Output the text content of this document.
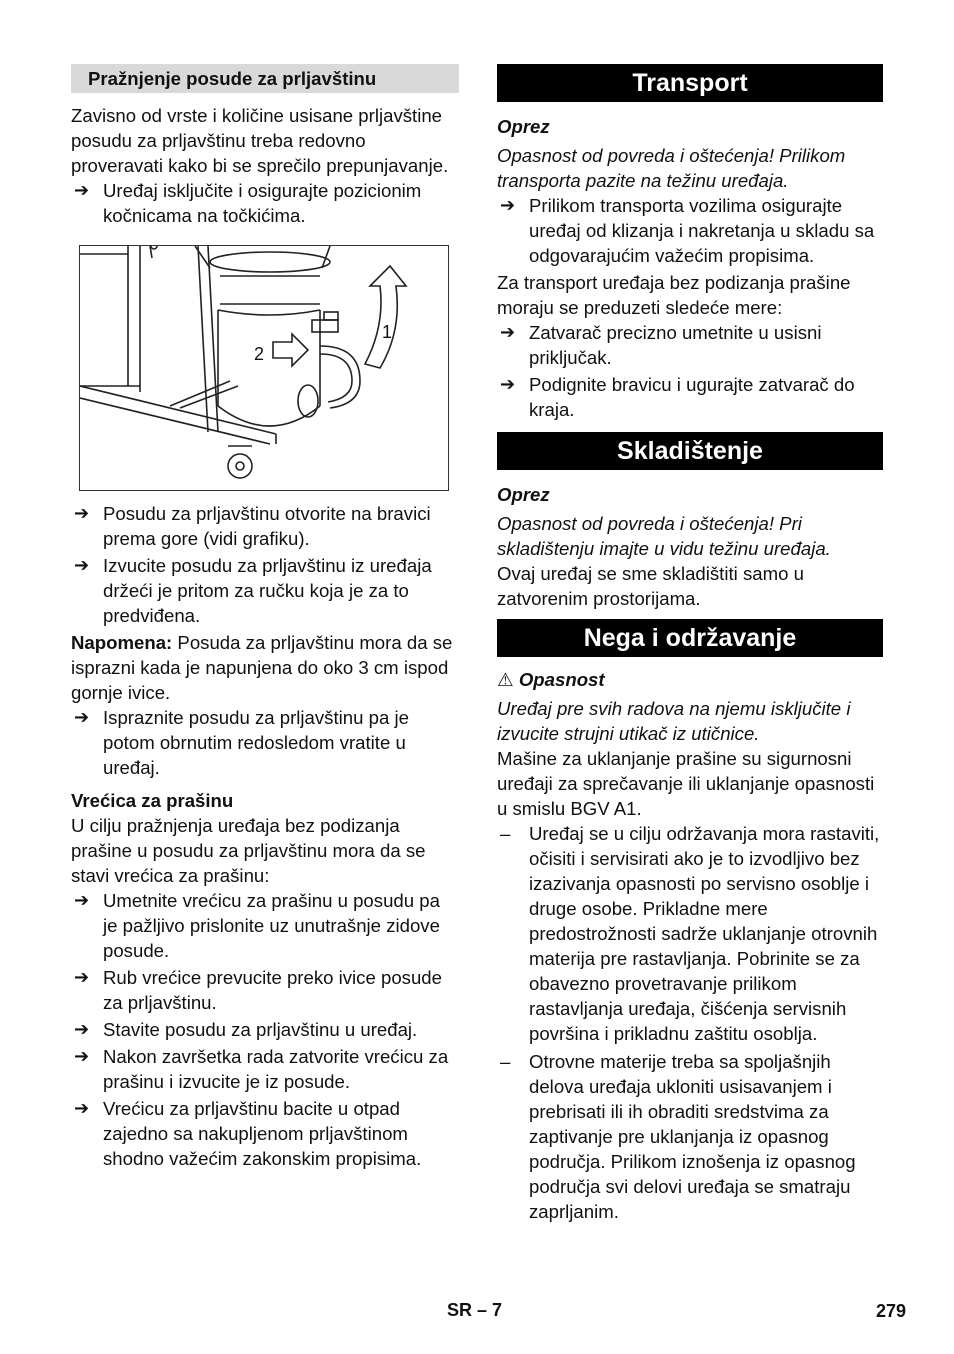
Pražnjenje posude za prljavštinu

Zavisno od vrste i količine usisane prljavštine posudu za prljavštinu treba redovno proveravati kako bi se sprečilo prepunjavanje.

➔ Uređaj isključite i osigurajte pozicionim kočnicama na točkićima.
1
2
➔ Posudu za prljavštinu otvorite na bravici prema gore (vidi grafiku).
➔ Izvucite posudu za prljavštinu iz uređaja držeći je pritom za ručku koja je za to predviđena.

Napomena: Posuda za prljavštinu mora da se isprazni kada je napunjena do oko 3 cm ispod gornje ivice.

➔ Ispraznite posudu za prljavštinu pa je potom obrnutim redosledom vratite u uređaj.

Vrećica za prašinu

U cilju pražnjenja uređaja bez podizanja prašine u posudu za prljavštinu mora da se stavi vrećica za prašinu:

➔ Umetnite vrećicu za prašinu u posudu pa je pažljivo prislonite uz unutrašnje zidove posude.
➔ Rub vrećice prevucite preko ivice posude za prljavštinu.
➔ Stavite posudu za prljavštinu u uređaj.
➔ Nakon završetka rada zatvorite vrećicu za prašinu i izvucite je iz posude.
➔ Vrećicu za prljavštinu bacite u otpad zajedno sa nakupljenom prljavštinom shodno važećim zakonskim propisima.
Transport

Oprez

Opasnost od povreda i oštećenja! Prilikom transporta pazite na težinu uređaja.

➔ Prilikom transporta vozilima osigurajte uređaj od klizanja i nakretanja u skladu sa odgovarajućim važećim propisima.

Za transport uređaja bez podizanja prašine moraju se preduzeti sledeće mere:

➔ Zatvarač precizno umetnite u usisni priključak.
➔ Podignite bravicu i ugurajte zatvarač do kraja.
Skladištenje

Oprez

Opasnost od povreda i oštećenja! Pri skladištenju imajte u vidu težinu uređaja.

Ovaj uređaj se sme skladištiti samo u zatvorenim prostorijama.

Nega i održavanje

⚠ Opasnost

Uređaj pre svih radova na njemu isključite i izvucite strujni utikač iz utičnice.

Mašine za uklanjanje prašine su sigurnosni uređaji za sprečavanje ili uklanjanje opasnosti u smislu BGV A1.

– Uređaj se u cilju održavanja mora rastaviti, očisiti i servisirati ako je to izvodljivo bez izazivanja opasnosti po servisno osoblje i druge osobe. Prikladne mere predostrožnosti sadrže uklanjanje otrovnih materija pre rastavljanja. Pobrinite se za obavezno provetravanje prilikom rastavljanja uređaja, čišćenja servisnih površina i prikladnu zaštitu osoblja.
– Otrovne materije treba sa spoljašnjih delova uređaja ukloniti usisavanjem i prebrisati ili ih obraditi sredstvima za zaptivanje pre uklanjanja iz opasnog područja. Prilikom iznošenja iz opasnog područja svi delovi uređaja se smatraju zaprljanim.
SR – 7	279
